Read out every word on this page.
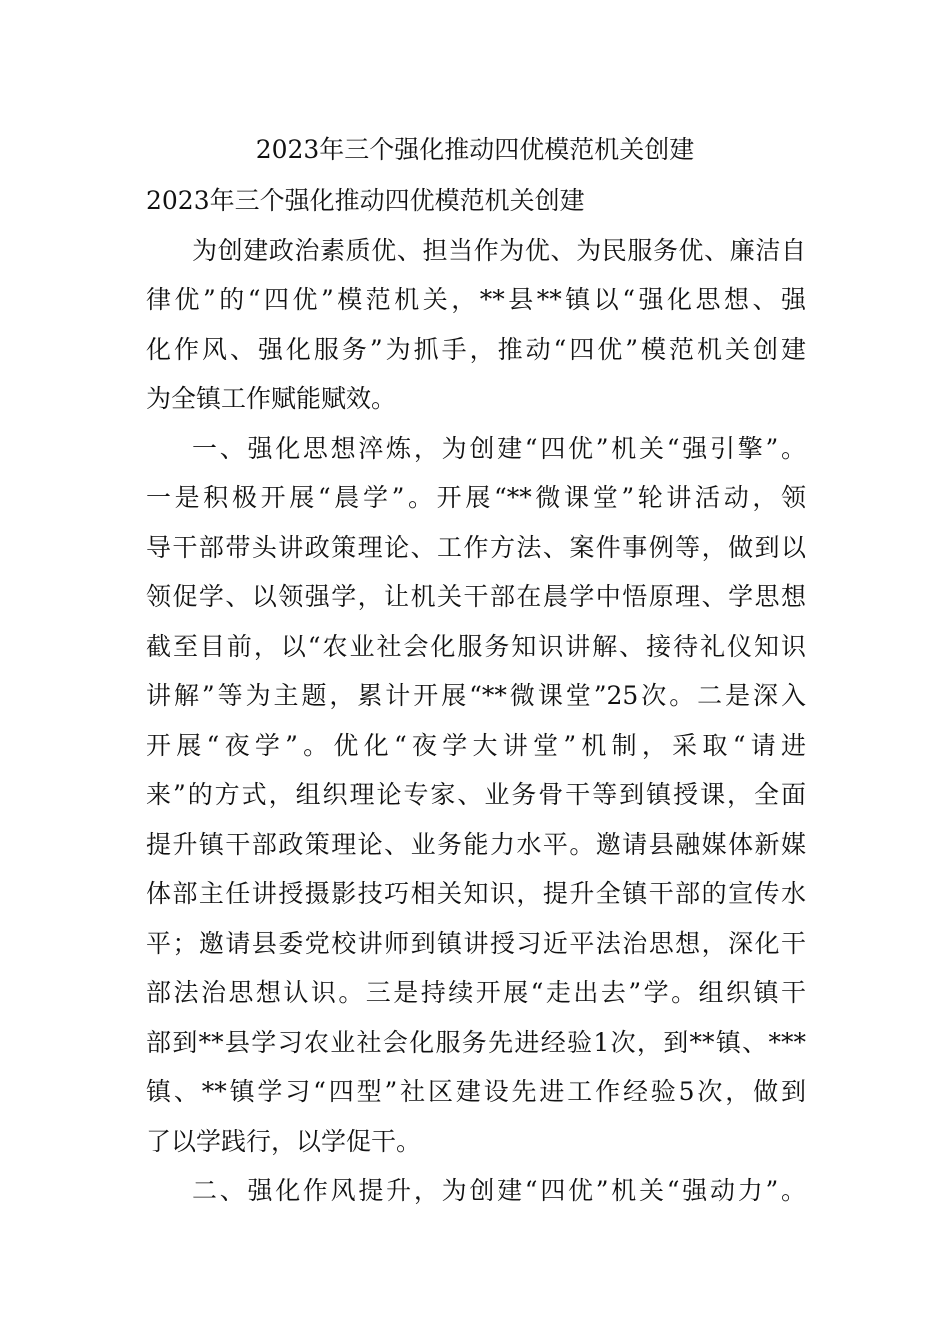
2023年三个强化推动四优模范机关创建
2023年三个强化推动四优模范机关创建
为创建政治素质优、担当作为优、为民服务优、廉洁自
律优”的“四优”模范机关，**县**镇以“强化思想、强
化作风、强化服务”为抓手，推动“四优”模范机关创建
为全镇工作赋能赋效。
一、强化思想淬炼，为创建“四优”机关“强引擎”。
一是积极开展“晨学”。开展“**微课堂”轮讲活动，领
导干部带头讲政策理论、工作方法、案件事例等，做到以
领促学、以领强学，让机关干部在晨学中悟原理、学思想
截至目前，以“农业社会化服务知识讲解、接待礼仪知识
讲解”等为主题，累计开展“**微课堂”25次。二是深入
开展“夜学”。优化“夜学大讲堂”机制，采取“请进
来”的方式，组织理论专家、业务骨干等到镇授课，全面
提升镇干部政策理论、业务能力水平。邀请县融媒体新媒
体部主任讲授摄影技巧相关知识，提升全镇干部的宣传水
平；邀请县委党校讲师到镇讲授习近平法治思想，深化干
部法治思想认识。三是持续开展“走出去”学。组织镇干
部到**县学习农业社会化服务先进经验1次，到**镇、***
镇、**镇学习“四型”社区建设先进工作经验5次，做到
了以学践行，以学促干。
二、强化作风提升，为创建“四优”机关“强动力”。
